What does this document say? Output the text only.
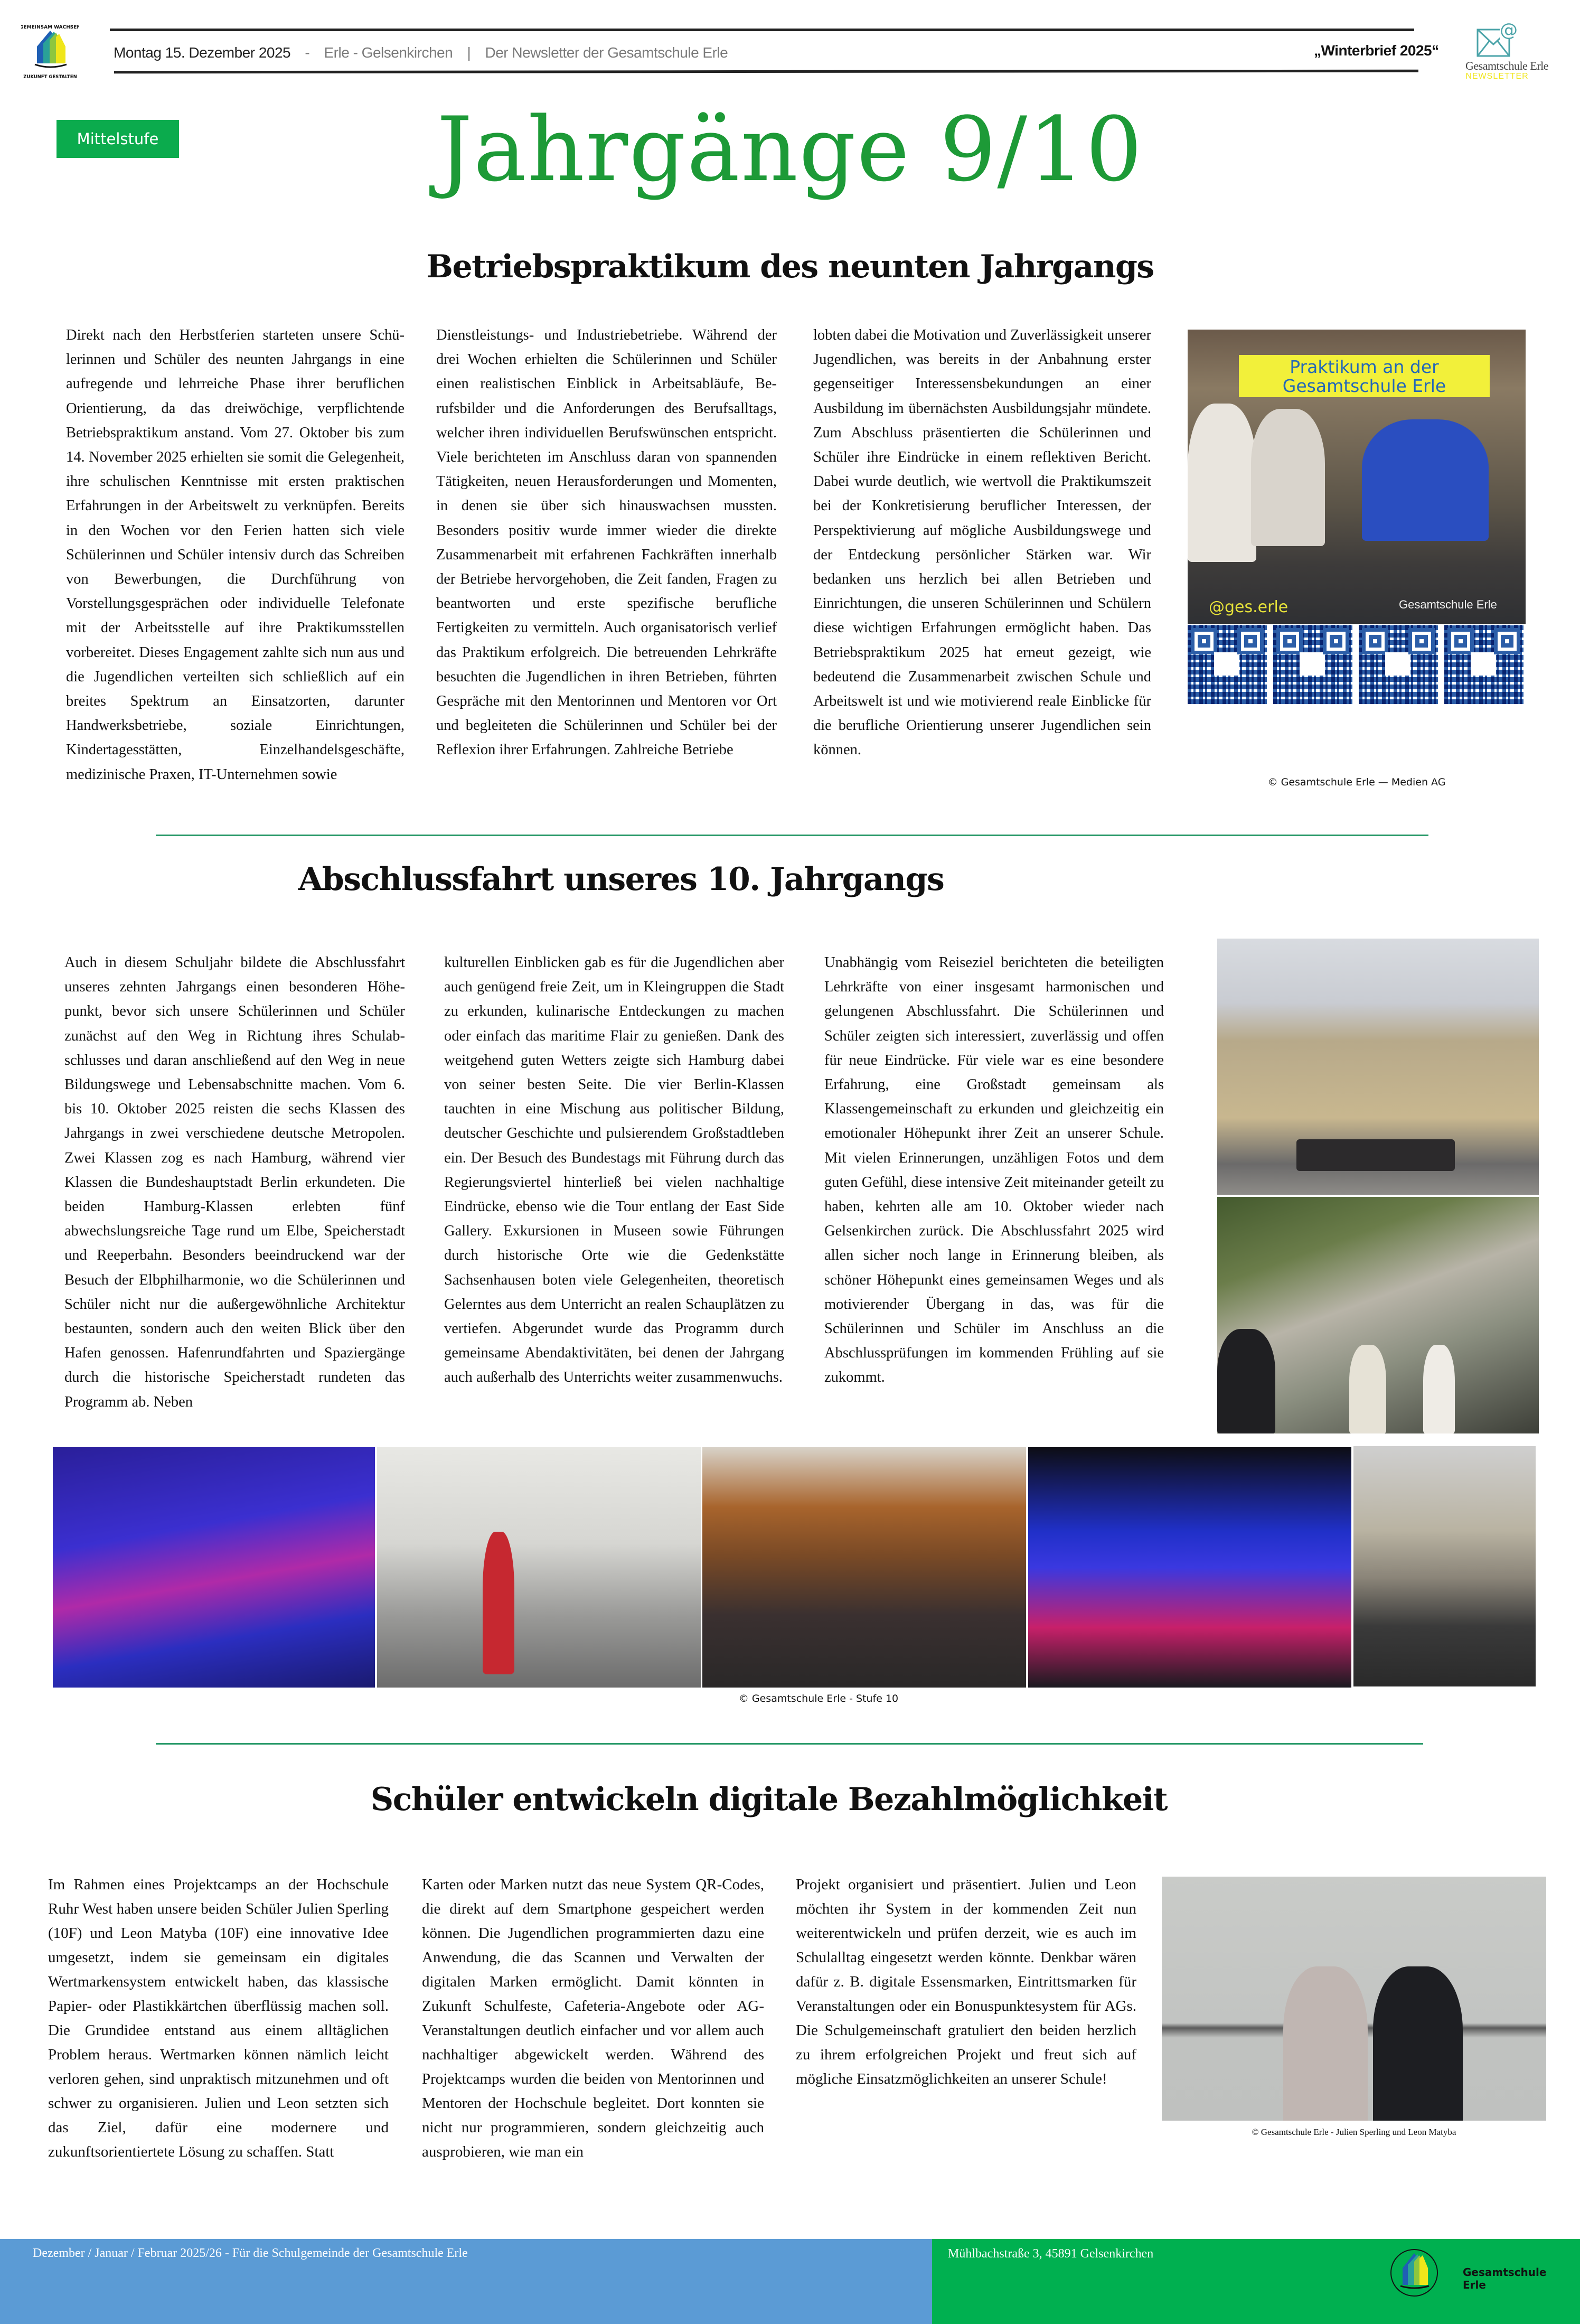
GEMEINSAM WACHSEN
ZUKUNFT GESTALTEN
Montag 15. Dezember 2025 - Erle - Gelsenkirchen | Der Newsletter der Gesamtschule Erle	„Winterbrief 2025“
@
Gesamtschule Erle
NEWSLETTER
Mittelstufe	Jahrgänge 9/10
Betriebspraktikum des neunten Jahrgangs
Direkt nach den Herbstferien starteten unsere Schülerinnen und Schüler des neunten Jahrgangs in eine aufregende und lehrreiche Phase ihrer beruflichen Orientierung, da das dreiwöchige, verpflichtende Betriebspraktikum anstand. Vom 27. Oktober bis zum 14. November 2025 erhielten sie somit die Gelegenheit, ihre schulischen Kenntnisse mit ersten praktischen Erfahrungen in der Arbeitswelt zu verknüpfen. Bereits in den Wochen vor den Ferien hatten sich viele Schülerinnen und Schüler intensiv durch das Schreiben von Bewerbungen, die Durchführung von Vorstellungsgesprächen oder individuelle Telefonate mit der Arbeitsstelle auf ihre Praktikumsstellen vorbereitet. Dieses Engagement zahlte sich nun aus und die Jugendlichen verteilten sich schließlich auf ein breites Spektrum an Einsatzorten, darunter Handwerksbetriebe, soziale Einrichtungen, Kindertagesstätten, Einzelhandelsgeschäfte, medizinische Praxen, IT-Unternehmen sowie
Dienstleistungs- und Industriebetriebe. Während der drei Wochen erhielten die Schülerinnen und Schüler einen realistischen Einblick in Arbeitsabläufe, Berufsbilder und die Anforderungen des Berufsalltags, welcher ihren individuellen Berufswünschen entspricht. Viele berichteten im Anschluss daran von spannenden Tätigkeiten, neuen Herausforderungen und Momenten, in denen sie über sich hinauswachsen mussten. Besonders positiv wurde immer wieder die direkte Zusammenarbeit mit erfahrenen Fachkräften innerhalb der Betriebe hervorgehoben, die Zeit fanden, Fragen zu beantworten und erste spezifische berufliche Fertigkeiten zu vermitteln. Auch organisatorisch verlief das Praktikum erfolgreich. Die betreuenden Lehrkräfte besuchten die Jugendlichen in ihren Betrieben, führten Gespräche mit den Mentorinnen und Mentoren vor Ort und begleiteten die Schülerinnen und Schüler bei der Reflexion ihrer Erfahrungen. Zahlreiche Betriebe
lobten dabei die Motivation und Zuverlässigkeit unserer Jugendlichen, was bereits in der Anbahnung erster gegenseitiger Interessensbekundungen an einer Ausbildung im übernächsten Ausbildungsjahr mündete. Zum Abschluss präsentierten die Schülerinnen und Schüler ihre Eindrücke in einem reflektiven Bericht. Dabei wurde deutlich, wie wertvoll die Praktikumszeit bei der Konkretisierung beruflicher Interessen, der Perspektivierung auf mögliche Ausbildungswege und der Entdeckung persönlicher Stärken war. Wir bedanken uns herzlich bei allen Betrieben und Einrichtungen, die unseren Schülerinnen und Schülern diese wichtigen Erfahrungen ermöglicht haben. Das Betriebspraktikum 2025 hat erneut gezeigt, wie bedeutend die Zusammenarbeit zwischen Schule und Arbeitswelt ist und wie motivierend reale Einblicke für die berufliche Orientierung unserer Jugendlichen sein können.
Praktikum an der
Gesamtschule Erle
@ges.erle	Gesamtschule Erle
© Gesamtschule Erle — Medien AG
Abschlussfahrt unseres 10. Jahrgangs
Auch in diesem Schuljahr bildete die Abschlussfahrt unseres zehnten Jahrgangs einen besonderen Höhepunkt, bevor sich unsere Schülerinnen und Schüler zunächst auf den Weg in Richtung ihres Schulabschlusses und daran anschließend auf den Weg in neue Bildungswege und Lebensabschnitte machen. Vom 6. bis 10. Oktober 2025 reisten die sechs Klassen des Jahrgangs in zwei verschiedene deutsche Metropolen. Zwei Klassen zog es nach Hamburg, während vier Klassen die Bundeshauptstadt Berlin erkundeten. Die beiden Hamburg-Klassen erlebten fünf abwechslungsreiche Tage rund um Elbe, Speicherstadt und Reeperbahn. Besonders beeindruckend war der Besuch der Elbphilharmonie, wo die Schülerinnen und Schüler nicht nur die außergewöhnliche Architektur bestaunten, sondern auch den weiten Blick über den Hafen genossen. Hafenrundfahrten und Spaziergänge durch die historische Speicherstadt rundeten das Programm ab. Neben
kulturellen Einblicken gab es für die Jugendlichen aber auch genügend freie Zeit, um in Kleingruppen die Stadt zu erkunden, kulinarische Entdeckungen zu machen oder einfach das maritime Flair zu genießen. Dank des weitgehend guten Wetters zeigte sich Hamburg dabei von seiner besten Seite. Die vier Berlin-Klassen tauchten in eine Mischung aus politischer Bildung, deutscher Geschichte und pulsierendem Großstadtleben ein. Der Besuch des Bundestags mit Führung durch das Regierungsviertel hinterließ bei vielen nachhaltige Eindrücke, ebenso wie die Tour entlang der East Side Gallery. Exkursionen in Museen sowie Führungen durch historische Orte wie die Gedenkstätte Sachsenhausen boten viele Gelegenheiten, theoretisch Gelerntes aus dem Unterricht an realen Schauplätzen zu vertiefen. Abgerundet wurde das Programm durch gemeinsame Abendaktivitäten, bei denen der Jahrgang auch außerhalb des Unterrichts weiter zusammenwuchs.
Unabhängig vom Reiseziel berichteten die beteiligten Lehrkräfte von einer insgesamt harmonischen und gelungenen Abschlussfahrt. Die Schülerinnen und Schüler zeigten sich interessiert, zuverlässig und offen für neue Eindrücke. Für viele war es eine besondere Erfahrung, eine Großstadt gemeinsam als Klassengemeinschaft zu erkunden und gleichzeitig ein emotionaler Höhepunkt ihrer Zeit an unserer Schule. Mit vielen Erinnerungen, unzähligen Fotos und dem guten Gefühl, diese intensive Zeit miteinander geteilt zu haben, kehrten alle am 10. Oktober wieder nach Gelsenkirchen zurück. Die Abschlussfahrt 2025 wird allen sicher noch lange in Erinnerung bleiben, als schöner Höhepunkt eines gemeinsamen Weges und als motivierender Übergang in das, was für die Schülerinnen und Schüler im Anschluss an die Abschlussprüfungen im kommenden Frühling auf sie zukommt.
© Gesamtschule Erle - Stufe 10
Schüler entwickeln digitale Bezahlmöglichkeit
Im Rahmen eines Projektcamps an der Hochschule Ruhr West haben unsere beiden Schüler Julien Sperling (10F) und Leon Matyba (10F) eine innovative Idee umgesetzt, indem sie gemeinsam ein digitales Wertmarkensystem entwickelt haben, das klassische Papier- oder Plastikkärtchen überflüssig machen soll. Die Grundidee entstand aus einem alltäglichen Problem heraus. Wertmarken können nämlich leicht verloren gehen, sind unpraktisch mitzunehmen und oft schwer zu organisieren. Julien und Leon setzten sich das Ziel, dafür eine modernere und zukunftsorientiertete Lösung zu schaffen. Statt
Karten oder Marken nutzt das neue System QR-Codes, die direkt auf dem Smartphone gespeichert werden können. Die Jugendlichen programmierten dazu eine Anwendung, die das Scannen und Verwalten der digitalen Marken ermöglicht. Damit könnten in Zukunft Schulfeste, Cafeteria-Angebote oder AG-Veranstaltungen deutlich einfacher und vor allem auch nachhaltiger abgewickelt werden. Während des Projektcamps wurden die beiden von Mentorinnen und Mentoren der Hochschule begleitet. Dort konnten sie nicht nur programmieren, sondern gleichzeitig auch ausprobieren, wie man ein
Projekt organisiert und präsentiert. Julien und Leon möchten ihr System in der kommenden Zeit nun weiterentwickeln und prüfen derzeit, wie es auch im Schulalltag eingesetzt werden könnte. Denkbar wären dafür z. B. digitale Essensmarken, Eintrittsmarken für Veranstaltungen oder ein Bonuspunktesystem für AGs. Die Schulgemeinschaft gratuliert den beiden herzlich zu ihrem erfolgreichen Projekt und freut sich auf mögliche Einsatzmöglichkeiten an unserer Schule!
© Gesamtschule Erle - Julien Sperling und Leon Matyba
Dezember / Januar / Februar 2025/26 - Für die Schulgemeinde der Gesamtschule Erle	Mühlbachstraße 3, 45891 Gelsenkirchen
Gesamtschule
Erle
